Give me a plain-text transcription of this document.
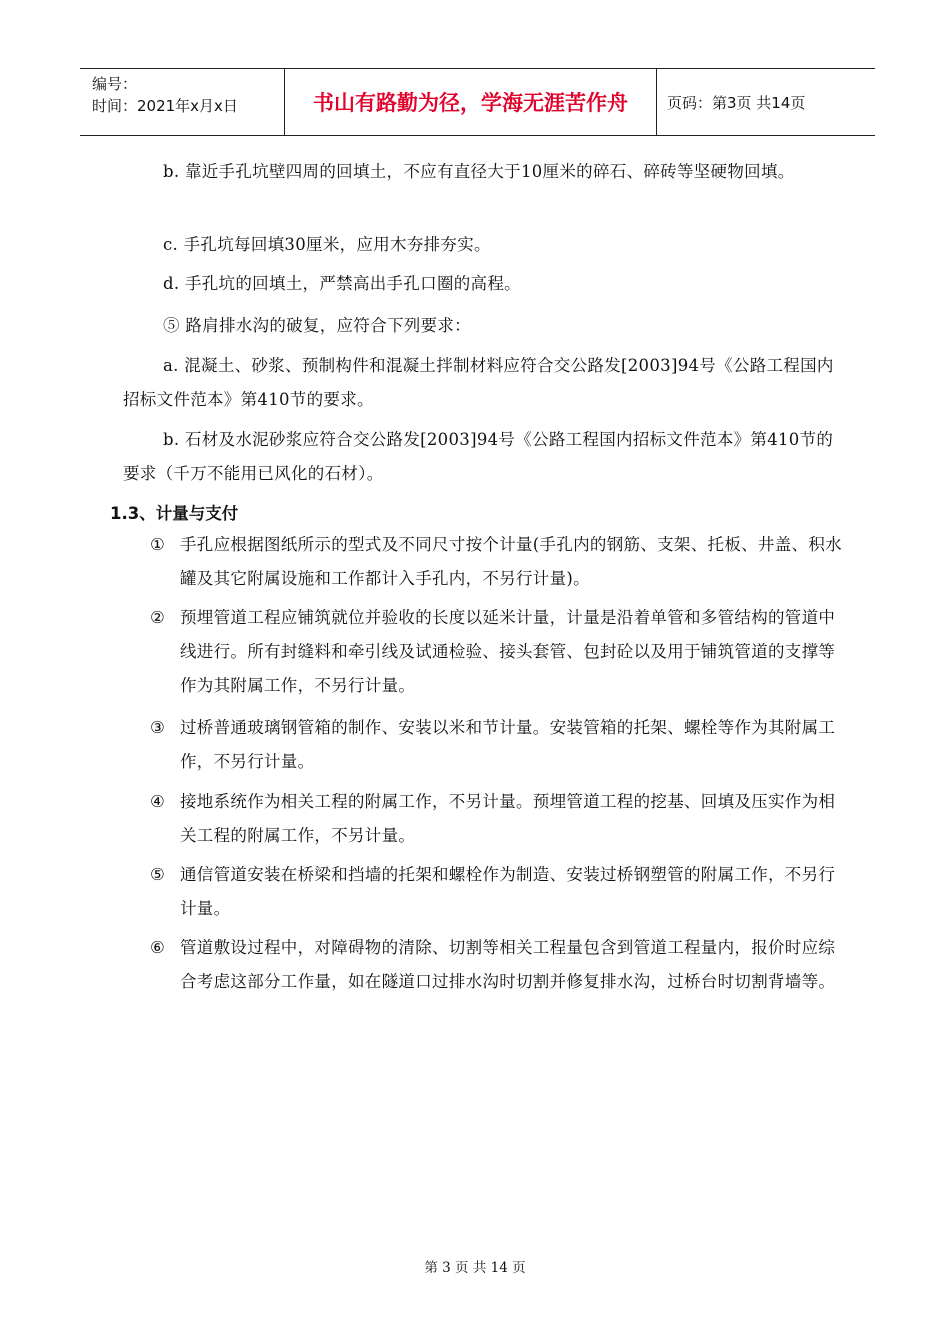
编号：
时间：2021年x月x日	书山有路勤为径，学海无涯苦作舟	页码：第3页 共14页
b. 靠近手孔坑壁四周的回填土，不应有直径大于10厘米的碎石、碎砖等坚硬物回填。
c. 手孔坑每回填30厘米，应用木夯排夯实。
d. 手孔坑的回填土，严禁高出手孔口圈的高程。
⑤ 路肩排水沟的破复，应符合下列要求：
a. 混凝土、砂浆、预制构件和混凝土拌制材料应符合交公路发[2003]94号《公路工程国内招标文件范本》第410节的要求。
b. 石材及水泥砂浆应符合交公路发[2003]94号《公路工程国内招标文件范本》第410节的要求（千万不能用已风化的石材）。
1.3、计量与支付
① 手孔应根据图纸所示的型式及不同尺寸按个计量(手孔内的钢筋、支架、托板、井盖、积水罐及其它附属设施和工作都计入手孔内，不另行计量)。
② 预埋管道工程应铺筑就位并验收的长度以延米计量，计量是沿着单管和多管结构的管道中线进行。所有封缝料和牵引线及试通检验、接头套管、包封砼以及用于铺筑管道的支撑等作为其附属工作，不另行计量。
③ 过桥普通玻璃钢管箱的制作、安装以米和节计量。安装管箱的托架、螺栓等作为其附属工作，不另行计量。
④ 接地系统作为相关工程的附属工作，不另计量。预埋管道工程的挖基、回填及压实作为相关工程的附属工作，不另计量。
⑤ 通信管道安装在桥梁和挡墙的托架和螺栓作为制造、安装过桥钢塑管的附属工作，不另行计量。
⑥ 管道敷设过程中，对障碍物的清除、切割等相关工程量包含到管道工程量内，报价时应综合考虑这部分工作量，如在隧道口过排水沟时切割并修复排水沟，过桥台时切割背墙等。
第 3 页 共 14 页
